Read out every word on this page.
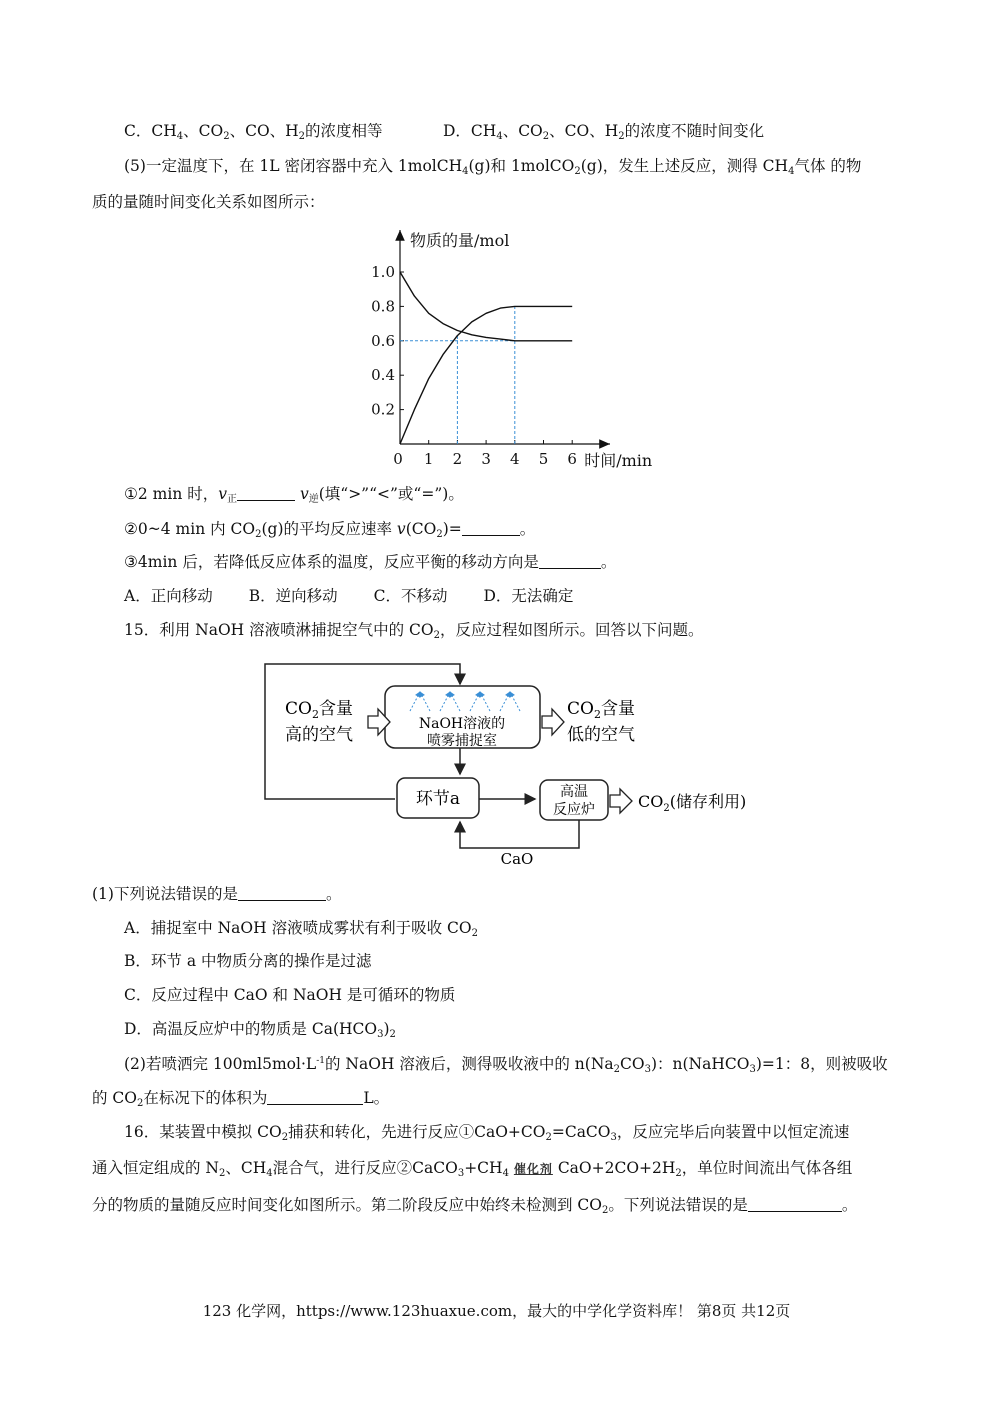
C．$CH_4$、$CO_2$、CO、$H_2$的浓度相等	D．$CH_4$、$CO_2$、CO、$H_2$的浓度不随时间变化
(5)一定温度下，在 1L 密闭容器中充入 1molCH$_4$(g)和 1molCO$_2$(g)，发生上述反应，测得 $CH_4$气体 的物
质的量随时间变化关系如图所示：
0.2
0.4
0.6
0.8
1.0
0 1 2 3 4 5 6
物质的量/mol
时间/min
①2 min 时，$v_正$	$v_逆$(填“>”“<”或“=”)。
②0~4 min 内 $CO_2(g)$的平均反应速率 $v(CO_2)=$	。
③4min 后，若降低反应体系的温度，反应平衡的移动方向是	。
A．正向移动 B．逆向移动 C．不移动 D．无法确定
15．利用 NaOH 溶液喷淋捕捉空气中的 $CO_2$，反应过程如图所示。回答以下问题。
NaOH溶液的
喷雾捕捉室
$CO_2$含量
高的空气
$CO_2$含量
低的空气
环节a	高温
反应炉	$CO_2$(储存利用)
CaO
(1)下列说法错误的是	。
A．捕捉室中 NaOH 溶液喷成雾状有利于吸收 $CO_2$
B．环节 a 中物质分离的操作是过滤
C．反应过程中 CaO 和 NaOH 是可循环的物质
D．高温反应炉中的物质是 $Ca(HCO_3)_2$
(2)若喷洒完 $100ml5mol\cdot L^{-1}$的 NaOH 溶液后，测得吸收液中的 $n(Na_2CO_3)$：n(NaHCO$_3$)=1：8，则被吸收
的 $CO_2$在标况下的体积为	L。
16．某装置中模拟 $CO_2$捕获和转化，先进行反应$①CaO+CO_2=CaCO_3$，反应完毕后向装置中以恒定流速
通入恒定组成的 $N_2$、$CH_4$混合气，进行反应$②CaCO_3+CH_4$ 催化剂 $CaO+2CO+2H_2$，单位时间流出气体各组
分的物质的量随反应时间变化如图所示。第二阶段反应中始终未检测到 $CO_2$。下列说法错误的是	。
123 化学网，https://www.123huaxue.com，最大的中学化学资料库！ 第8页 共12页
